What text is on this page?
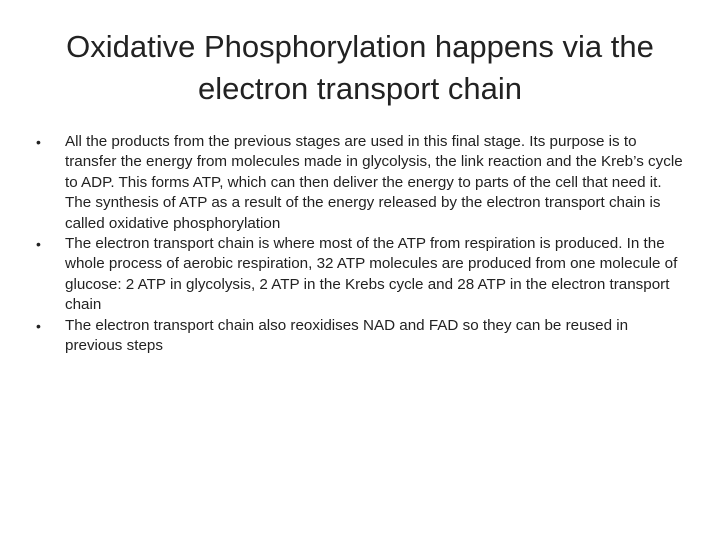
Oxidative Phosphorylation happens via the electron transport chain
•	All the products from the previous stages are used in this final stage. Its purpose is to transfer the energy from molecules made in glycolysis, the link reaction and the Kreb’s cycle to ADP. This forms ATP, which can then deliver the energy to parts of the cell that need it. The synthesis of ATP as a result of the energy released by the electron transport chain is called oxidative phosphorylation
•	The electron transport chain is where most of the ATP from respiration is produced. In the whole process of aerobic respiration, 32 ATP molecules are produced from one molecule of glucose: 2 ATP in glycolysis, 2 ATP in the Krebs cycle and 28 ATP in the electron transport chain
•	The electron transport chain also reoxidises NAD and FAD so they can be reused in previous steps
